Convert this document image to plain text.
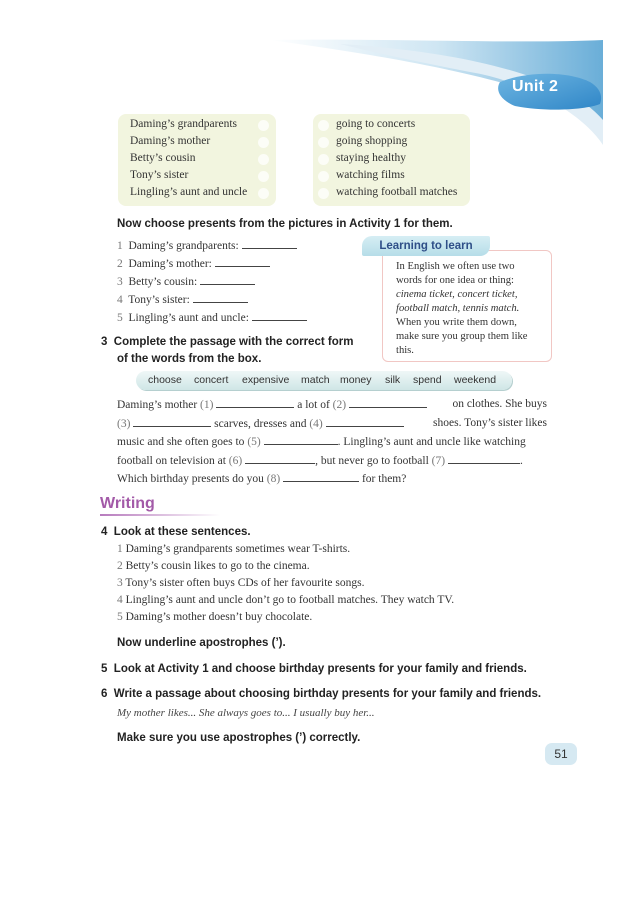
Unit 2
Daming’s grandparents
Daming’s mother
Betty’s cousin
Tony’s sister
Lingling’s aunt and uncle
going to concerts
going shopping
staying healthy
watching films
watching football matches
Now choose presents from the pictures in Activity 1 for them.
1 Daming’s grandparents:
2 Daming’s mother:
3 Betty’s cousin:
4 Tony’s sister:
5 Lingling’s aunt and uncle:
Learning to learn
In English we often use two words for one idea or thing: cinema ticket, concert ticket, football match, tennis match. When you write them down, make sure you group them like this.
3 Complete the passage with the correct form
of the words from the box.
choose concert expensive match money silk spend weekend
Daming’s mother (1)	a lot of (2)	on clothes. She buys
(3)	scarves, dresses and (4)	shoes. Tony’s sister likes
music and she often goes to (5)	. Lingling’s aunt and uncle like watching
football on television at (6)	, but never go to football (7)	.
Which birthday presents do you (8)	for them?
Writing
4 Look at these sentences.
1 Daming’s grandparents sometimes wear T-shirts.
2 Betty’s cousin likes to go to the cinema.
3 Tony’s sister often buys CDs of her favourite songs.
4 Lingling’s aunt and uncle don’t go to football matches. They watch TV.
5 Daming’s mother doesn’t buy chocolate.
Now underline apostrophes (’).
5 Look at Activity 1 and choose birthday presents for your family and friends.
6 Write a passage about choosing birthday presents for your family and friends.
My mother likes... She always goes to... I usually buy her...
Make sure you use apostrophes (’) correctly.
51
